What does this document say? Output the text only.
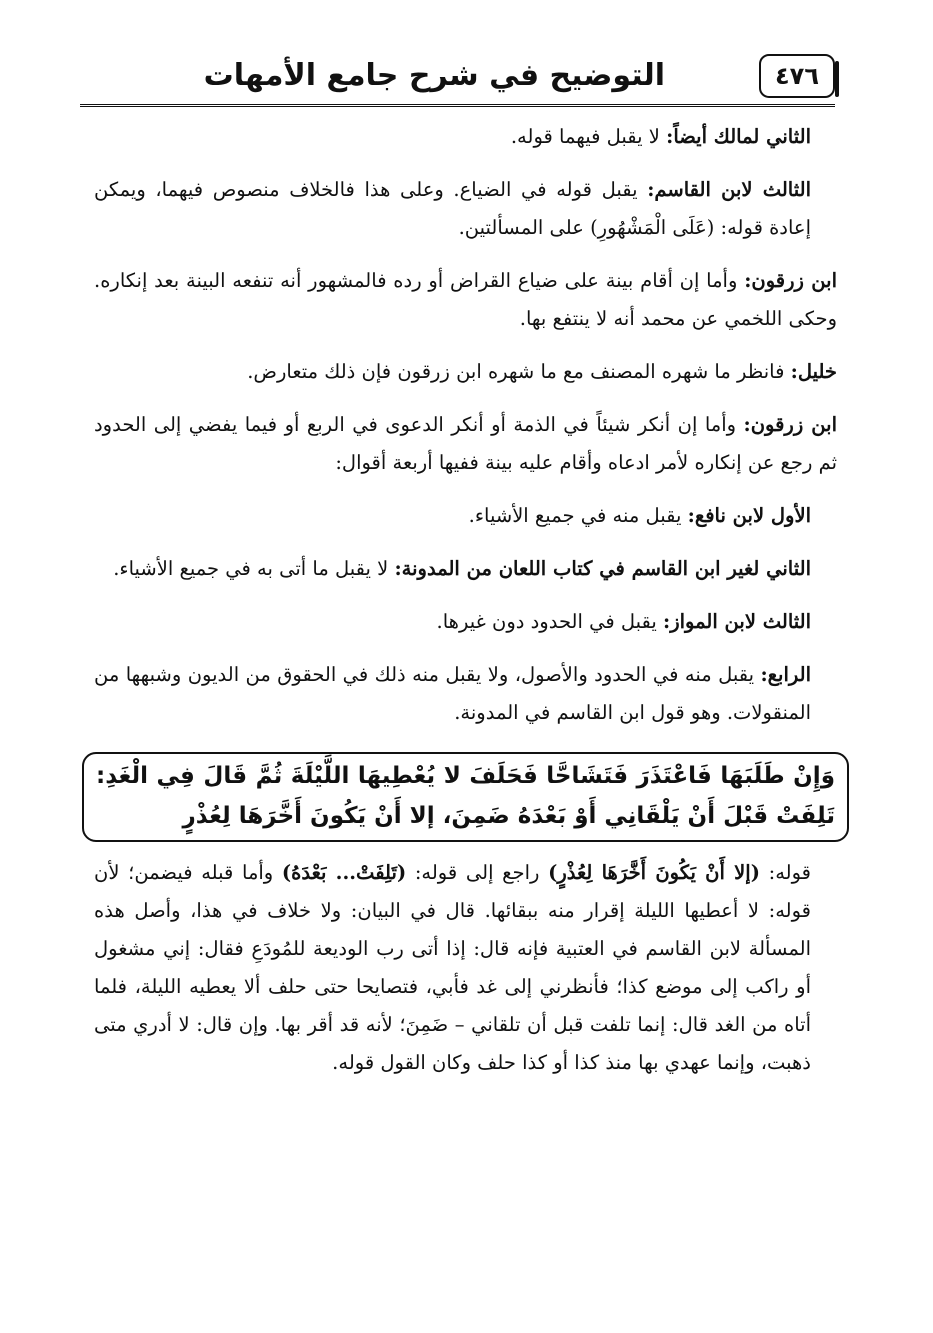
التوضيح في شرح جامع الأمهات	٤٧٦

الثاني لمالك أيضاً: لا يقبل فيهما قوله.

الثالث لابن القاسم: يقبل قوله في الضياع. وعلى هذا فالخلاف منصوص فيهما، ويمكن إعادة قوله: (عَلَى الْمَشْهُورِ) على المسألتين.

ابن زرقون: وأما إن أقام بينة على ضياع القراض أو رده فالمشهور أنه تنفعه البينة بعد إنكاره. وحكى اللخمي عن محمد أنه لا ينتفع بها.

خليل: فانظر ما شهره المصنف مع ما شهره ابن زرقون فإن ذلك متعارض.

ابن زرقون: وأما إن أنكر شيئاً في الذمة أو أنكر الدعوى في الربع أو فيما يفضي إلى الحدود ثم رجع عن إنكاره لأمر ادعاه وأقام عليه بينة ففيها أربعة أقوال:

الأول لابن نافع: يقبل منه في جميع الأشياء.

الثاني لغير ابن القاسم في كتاب اللعان من المدونة: لا يقبل ما أتى به في جميع الأشياء.

الثالث لابن المواز: يقبل في الحدود دون غيرها.

الرابع: يقبل منه في الحدود والأصول، ولا يقبل منه ذلك في الحقوق من الديون وشبهها من المنقولات. وهو قول ابن القاسم في المدونة.

وَإِنْ طَلَبَهَا فَاعْتَذَرَ فَتَشَاحَّا فَحَلَفَ لا يُعْطِيهَا اللَّيْلَةَ ثُمَّ قَالَ فِي الْغَدِ: تَلِفَتْ قَبْلَ أَنْ يَلْقَانِي أَوْ بَعْدَهُ ضَمِنَ، إلا أَنْ يَكُونَ أَخَّرَهَا لِعُذْرٍ

قوله: (إلا أَنْ يَكُونَ أَخَّرَهَا لِعُذْرٍ) راجع إلى قوله: (تَلِفَتْ... بَعْدَهُ) وأما قبله فيضمن؛ لأن قوله: لا أعطيها الليلة إقرار منه ببقائها. قال في البيان: ولا خلاف في هذا، وأصل هذه المسألة لابن القاسم في العتبية فإنه قال: إذا أتى رب الوديعة للمُودَعِ فقال: إني مشغول أو راكب إلى موضع كذا؛ فأنظرني إلى غد فأبي، فتصايحا حتى حلف ألا يعطيه الليلة، فلما أتاه من الغد قال: إنما تلفت قبل أن تلقاني – ضَمِنَ؛ لأنه قد أقر بها. وإن قال: لا أدري متى ذهبت، وإنما عهدي بها منذ كذا أو كذا حلف وكان القول قوله.
